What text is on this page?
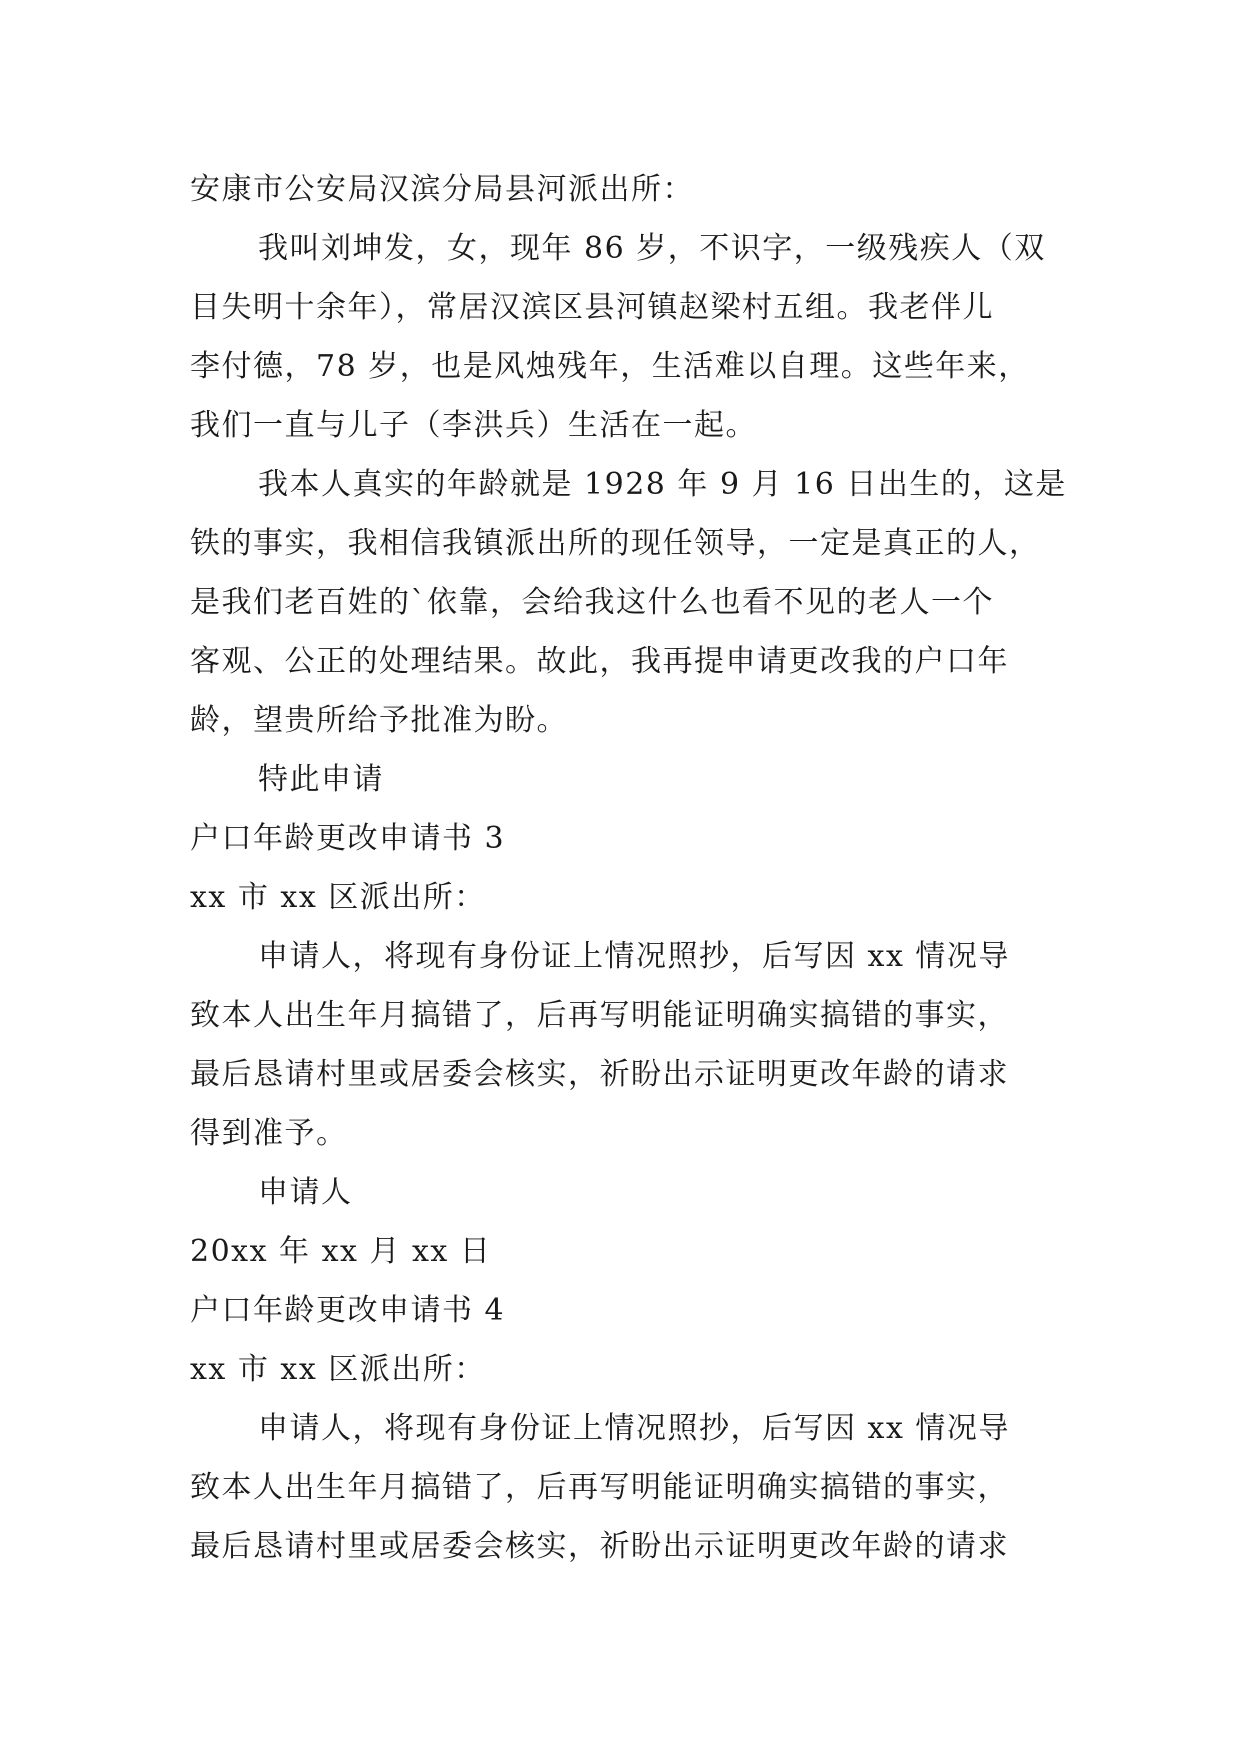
安康市公安局汉滨分局县河派出所：
我叫刘坤发，女，现年 86 岁，不识字，一级残疾人（双
目失明十余年），常居汉滨区县河镇赵梁村五组。我老伴儿
李付德，78 岁，也是风烛残年，生活难以自理。这些年来，
我们一直与儿子（李洪兵）生活在一起。
我本人真实的年龄就是 1928 年 9 月 16 日出生的，这是
铁的事实，我相信我镇派出所的现任领导，一定是真正的人，
是我们老百姓的`依靠，会给我这什么也看不见的老人一个
客观、公正的处理结果。故此，我再提申请更改我的户口年
龄，望贵所给予批准为盼。
特此申请
户口年龄更改申请书 3
xx 市 xx 区派出所：
申请人，将现有身份证上情况照抄，后写因 xx 情况导
致本人出生年月搞错了，后再写明能证明确实搞错的事实，
最后恳请村里或居委会核实，祈盼出示证明更改年龄的请求
得到准予。
申请人
20xx 年 xx 月 xx 日
户口年龄更改申请书 4
xx 市 xx 区派出所：
申请人，将现有身份证上情况照抄，后写因 xx 情况导
致本人出生年月搞错了，后再写明能证明确实搞错的事实，
最后恳请村里或居委会核实，祈盼出示证明更改年龄的请求
